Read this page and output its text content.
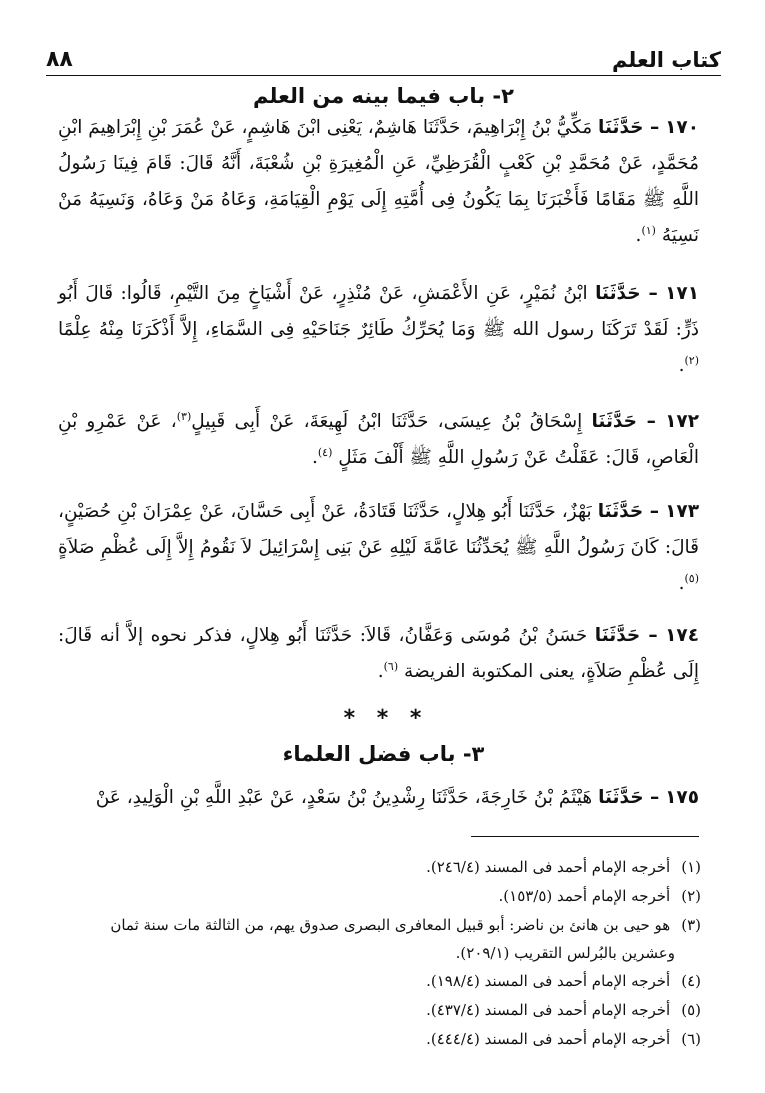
كتاب العلم
٨٨
٢- باب فيما بينه من العلم

١٧٠ – حَدَّثَنَا مَكِّيُّ بْنُ إِبْرَاهِيمَ، حَدَّثَنَا هَاشِمٌ، يَعْنِى ابْنَ هَاشِمٍ، عَنْ عُمَرَ بْنِ إِبْرَاهِيمَ ابْنِ مُحَمَّدٍ، عَنْ مُحَمَّدِ بْنِ كَعْبٍ الْقُرَظِيِّ، عَنِ الْمُغِيرَةِ بْنِ شُعْبَةَ، أَنَّهُ قَالَ: قَامَ فِينَا رَسُولُ اللَّهِ ﷺ مَقَامًا فَأَخْبَرَنَا بِمَا يَكُونُ فِى أُمَّتِهِ إِلَى يَوْمِ الْقِيَامَةِ، وَعَاهُ مَنْ وَعَاهُ، وَنَسِيَهُ مَنْ نَسِيَهُ $^{(١)}$.

١٧١ – حَدَّثَنَا ابْنُ نُمَيْرٍ، عَنِ الأَعْمَشِ، عَنْ مُنْذِرٍ، عَنْ أَشْيَاخٍ مِنَ التَّيْمِ، قَالُوا: قَالَ أَبُو ذَرٍّ: لَقَدْ تَرَكَنَا رسول الله ﷺ وَمَا يُحَرِّكُ طَائِرٌ جَنَاحَيْهِ فِى السَّمَاءِ، إِلاَّ أَذْكَرَنَا مِنْهُ عِلْمًا $^{(٢)}$.

١٧٢ – حَدَّثَنَا إِسْحَاقُ بْنُ عِيسَى، حَدَّثَنَا ابْنُ لَهِيعَةَ، عَنْ أَبِى قَبِيلٍ$^{(٣)}$، عَنْ عَمْرِو بْنِ الْعَاصِ، قَالَ: عَقَلْتُ عَنْ رَسُولِ اللَّهِ ﷺ أَلْفَ مَثَلٍ $^{(٤)}$.

١٧٣ – حَدَّثَنَا بَهْزٌ، حَدَّثَنَا أَبُو هِلالٍ، حَدَّثَنَا قَتَادَةُ، عَنْ أَبِى حَسَّانَ، عَنْ عِمْرَانَ بْنِ حُصَيْنٍ، قَالَ: كَانَ رَسُولُ اللَّهِ ﷺ يُحَدِّثُنَا عَامَّةَ لَيْلِهِ عَنْ بَنِى إِسْرَائِيلَ لاَ نَقُومُ إِلاَّ إِلَى عُظْمِ صَلاَةٍ $^{(٥)}$.

١٧٤ – حَدَّثَنَا حَسَنُ بْنُ مُوسَى وَعَفَّانُ، قَالاَ: حَدَّثَنَا أَبُو هِلالٍ، فذكر نحوه إلاَّ أنه قَالَ: إِلَى عُظْمِ صَلاَةٍ، يعنى المكتوبة الفريضة $^{(٦)}$.

* * *
٣- باب فضل العلماء

١٧٥ – حَدَّثَنَا هَيْثَمُ بْنُ خَارِجَةَ، حَدَّثَنَا رِشْدِينُ بْنُ سَعْدٍ، عَنْ عَبْدِ اللَّهِ بْنِ الْوَلِيدِ، عَنْ

(١) أخرجه الإمام أحمد فى المسند (٢٤٦/٤).
(٢) أخرجه الإمام أحمد (١٥٣/٥).
(٣) هو حيى بن هانئ بن ناضر: أبو قبيل المعافرى البصرى صدوق يهم، من الثالثة مات سنة ثمان
وعشرين بالبُرلس التقريب (٢٠٩/١).
(٤) أخرجه الإمام أحمد فى المسند (١٩٨/٤).
(٥) أخرجه الإمام أحمد فى المسند (٤٣٧/٤).
(٦) أخرجه الإمام أحمد فى المسند (٤٤٤/٤).
